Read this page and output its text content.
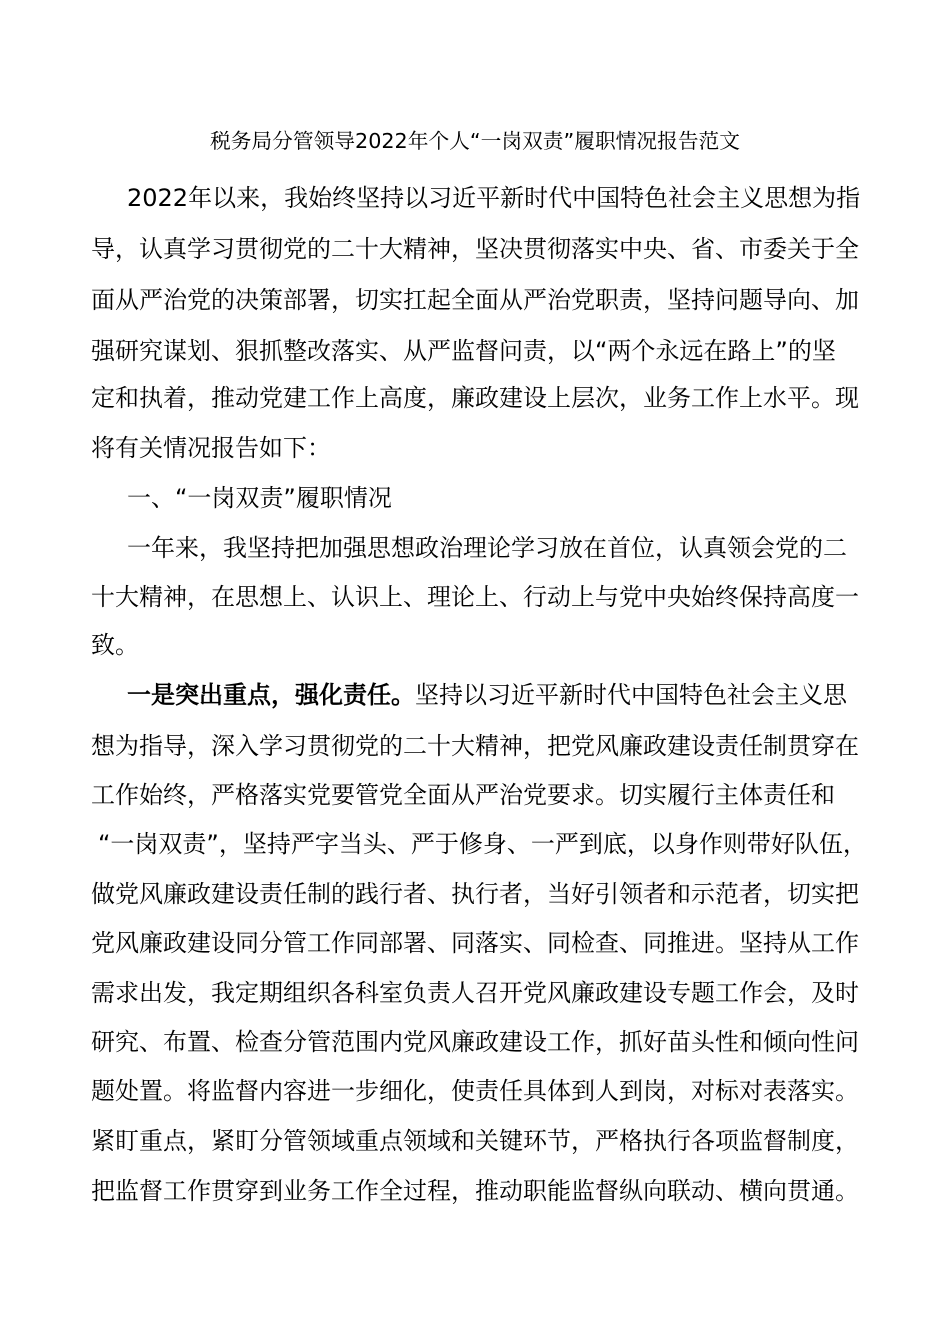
税务局分管领导2022年个人“一岗双责”履职情况报告范文
2022年以来，我始终坚持以习近平新时代中国特色社会主义思想为指
导，认真学习贯彻党的二十大精神，坚决贯彻落实中央、省、市委关于全
面从严治党的决策部署，切实扛起全面从严治党职责，坚持问题导向、加
强研究谋划、狠抓整改落实、从严监督问责，以“两个永远在路上”的坚
定和执着，推动党建工作上高度，廉政建设上层次，业务工作上水平。现
将有关情况报告如下：
一、“一岗双责”履职情况
一年来，我坚持把加强思想政治理论学习放在首位，认真领会党的二
十大精神，在思想上、认识上、理论上、行动上与党中央始终保持高度一
致。
一是突出重点，强化责任。坚持以习近平新时代中国特色社会主义思
想为指导，深入学习贯彻党的二十大精神，把党风廉政建设责任制贯穿在
工作始终，严格落实党要管党全面从严治党要求。切实履行主体责任和
“一岗双责”，坚持严字当头、严于修身、一严到底，以身作则带好队伍，
做党风廉政建设责任制的践行者、执行者，当好引领者和示范者，切实把
党风廉政建设同分管工作同部署、同落实、同检查、同推进。坚持从工作
需求出发，我定期组织各科室负责人召开党风廉政建设专题工作会，及时
研究、布置、检查分管范围内党风廉政建设工作，抓好苗头性和倾向性问
题处置。将监督内容进一步细化，使责任具体到人到岗，对标对表落实。
紧盯重点，紧盯分管领域重点领域和关键环节，严格执行各项监督制度，
把监督工作贯穿到业务工作全过程，推动职能监督纵向联动、横向贯通。
